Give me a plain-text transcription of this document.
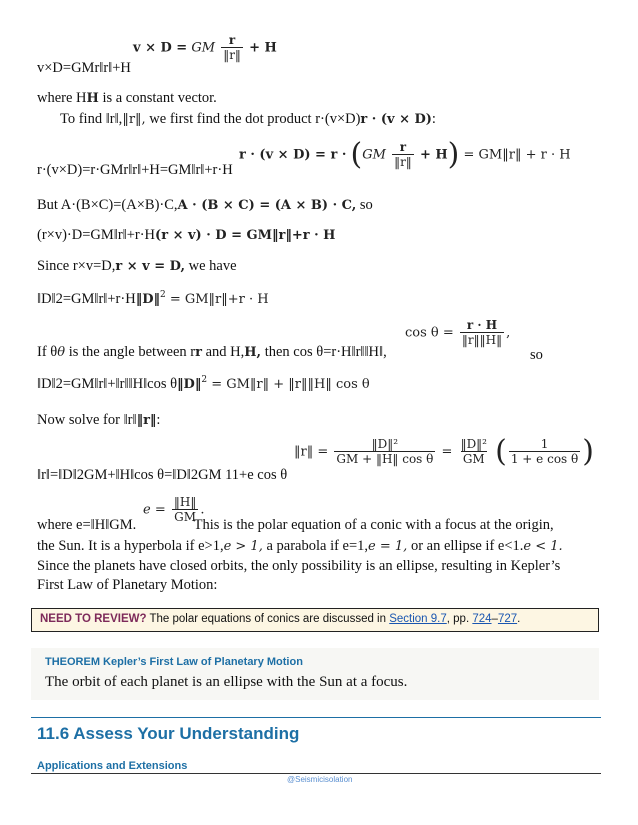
v × D = GM $\frac{r}{‖r‖} + H$
v×D=GMr‖r‖+H
where HH is a constant vector.
To find ‖r‖,‖r‖, we first find the dot product r·(v×D)r · (v × D):
$r \cdot (v \times D) = r \cdot (GM \frac{r}{‖r‖} + H)$ = GM‖r‖ + r · H
r·(v×D)=r·GMr‖r‖+H=GM‖r‖+r·H
But A·(B×C)=(A×B)·C,A · (B × C) = (A × B) · C, so
(r×v)·D=GM‖r‖+r·H(r × v) · D = GM‖r‖+r · H
Since r×v=D,r × v = D, we have
‖D‖2=GM‖r‖+r·H‖D‖$^2$ = GM‖r‖+r · H
$\cos \theta = \frac{r \cdot H}{‖r‖‖H‖}$ ,
If θθ is the angle between rr and H,H, then cos θ=r·H‖r‖‖H‖,	so
‖D‖2=GM‖r‖+‖r‖‖H‖cos θ‖D‖$^2$ = GM‖r‖ + ‖r‖‖H‖ cos θ
Now solve for ‖r‖‖r‖:
‖r‖ = $\frac{\text{‖D‖²}}{\text{GM + ‖H‖ cos θ}} = \frac{\text{‖D‖²}}{GM}$ ( $\frac{1}{\text{1 + e cos θ}}$ )
‖r‖=‖D‖2GM+‖H‖cos θ=‖D‖2GM 11+e cos θ
$e = \frac{‖H‖}{GM}$ .
where e=‖H‖GM.	This is the polar equation of a conic with a focus at the origin,
the Sun. It is a hyperbola if e>1,e > 1, a parabola if e=1,e = 1, or an ellipse if e<1.e < 1.
Since the planets have closed orbits, the only possibility is an ellipse, resulting in Kepler’s
First Law of Planetary Motion:
NEED TO REVIEW? The polar equations of conics are discussed in Section 9.7, pp. 724–727.
THEOREM Kepler’s First Law of Planetary Motion
The orbit of each planet is an ellipse with the Sun at a focus.
11.6 Assess Your Understanding
Applications and Extensions
@Seismicisolation
